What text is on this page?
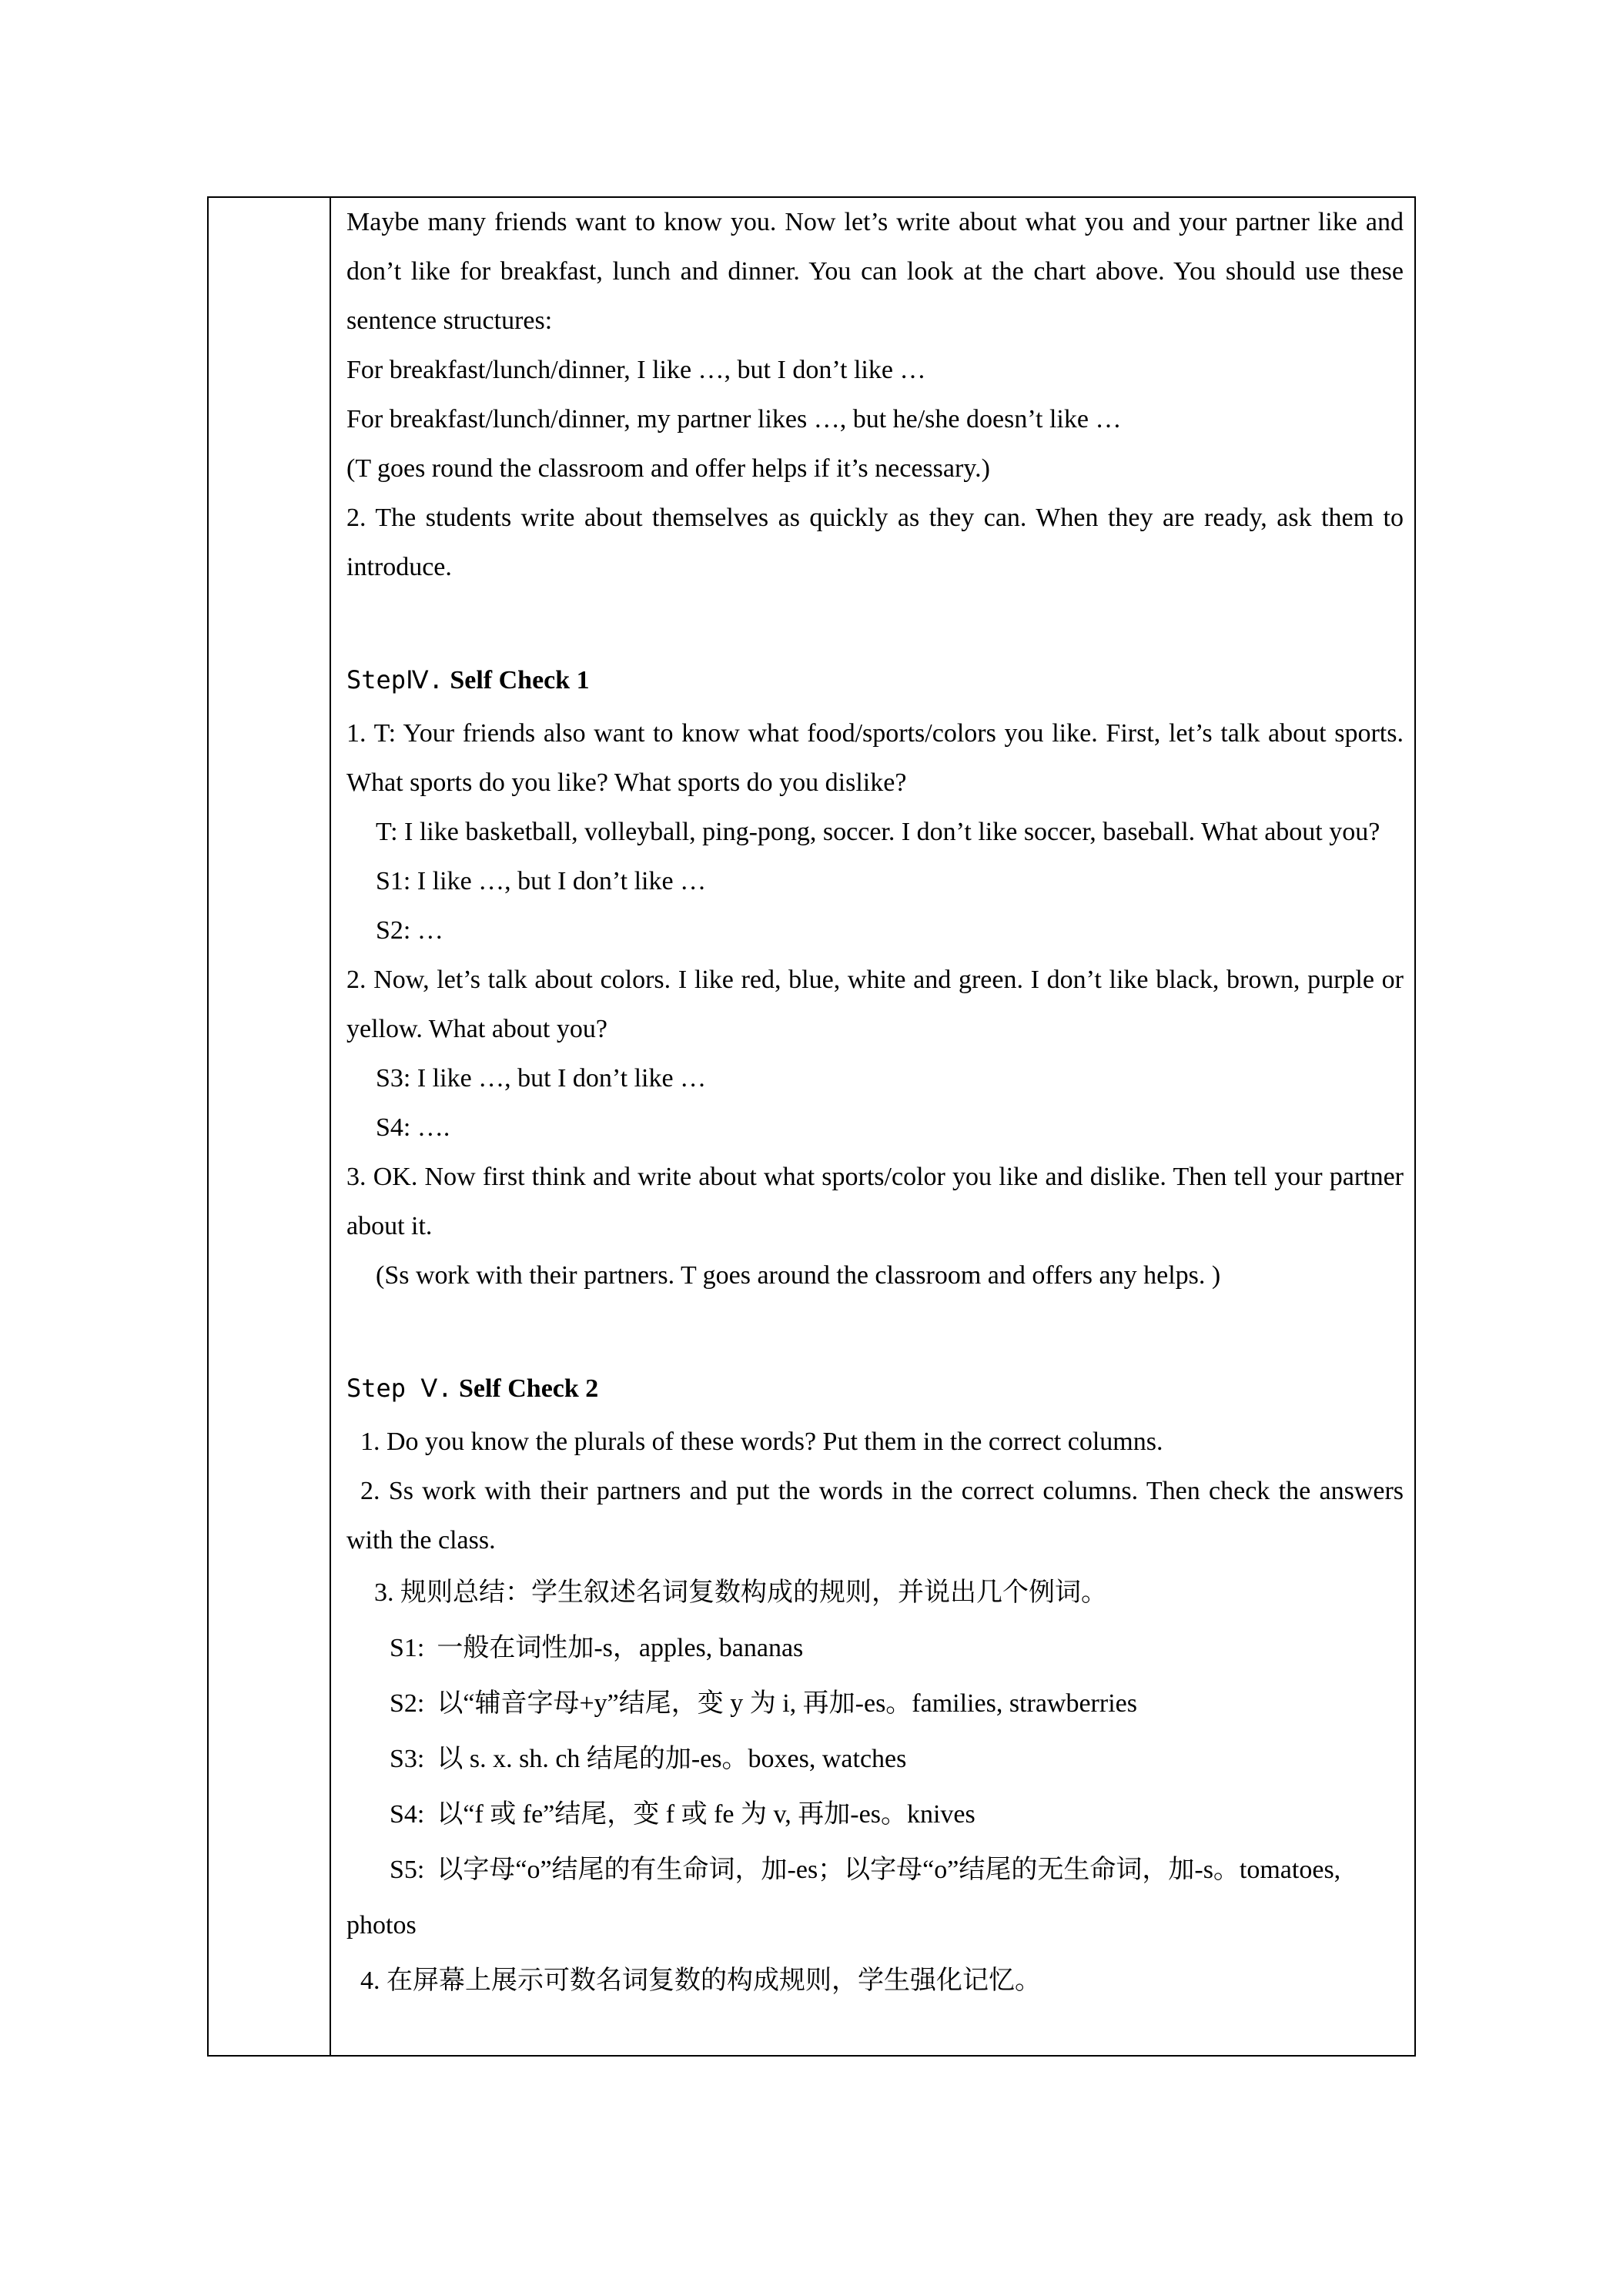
Maybe many friends want to know you. Now let’s write about what you and your partner like and don’t like for breakfast, lunch and dinner. You can look at the chart above. You should use these sentence structures:

For breakfast/lunch/dinner, I like …, but I don’t like …

For breakfast/lunch/dinner, my partner likes …, but he/she doesn’t like …

(T goes round the classroom and offer helps if it’s necessary.)

2. The students write about themselves as quickly as they can. When they are ready, ask them to introduce.

StepⅣ. Self Check 1

1. T: Your friends also want to know what food/sports/colors you like. First, let’s talk about sports. What sports do you like? What sports do you dislike?

T: I like basketball, volleyball, ping-pong, soccer. I don’t like soccer, baseball. What about you?

S1: I like …, but I don’t like …

S2: …

2. Now, let’s talk about colors. I like red, blue, white and green. I don’t like black, brown, purple or yellow. What about you?

S3: I like …, but I don’t like …

S4: ….

3. OK. Now first think and write about what sports/color you like and dislike. Then tell your partner about it.

(Ss work with their partners. T goes around the classroom and offers any helps. )

Step Ⅴ. Self Check 2

1. Do you know the plurals of these words? Put them in the correct columns.

2. Ss work with their partners and put the words in the correct columns. Then check the answers with the class.

3. 规则总结：学生叙述名词复数构成的规则，并说出几个例词。

S1: 一般在词性加-s，apples, bananas

S2: 以“辅音字母+y”结尾，变 y 为 i, 再加-es。families, strawberries

S3: 以 s. x. sh. ch 结尾的加-es。boxes, watches

S4: 以“f 或 fe”结尾，变 f 或 fe 为 v, 再加-es。knives

S5: 以字母“o”结尾的有生命词，加-es；以字母“o”结尾的无生命词，加-s。tomatoes,

photos

4. 在屏幕上展示可数名词复数的构成规则，学生强化记忆。
